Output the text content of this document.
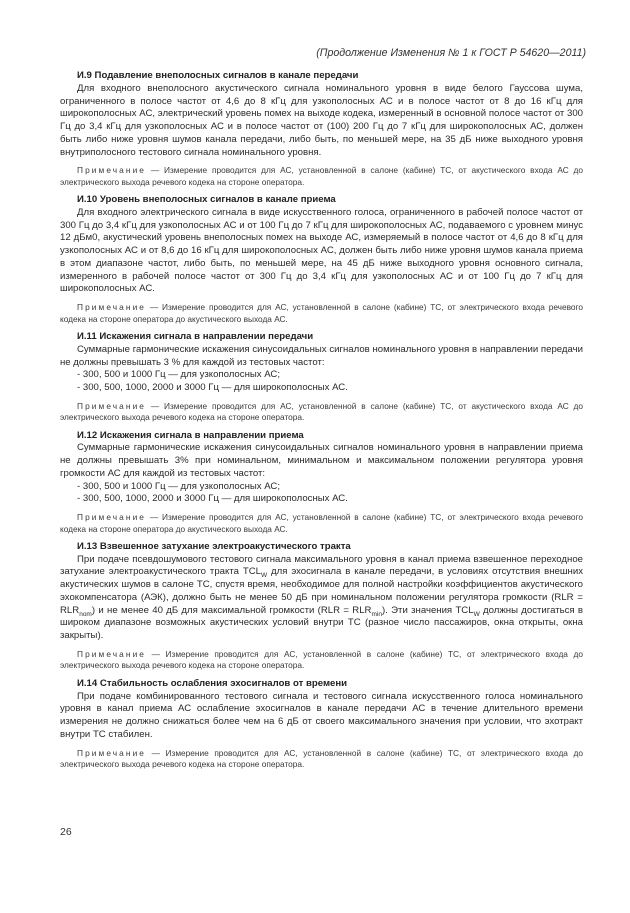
(Продолжение Изменения № 1 к ГОСТ Р 54620—2011)

И.9 Подавление внеполосных сигналов в канале передачи

Для входного внеполосного акустического сигнала номинального уровня в виде белого Гауссова шума, ограниченного в полосе частот от 4,6 до 8 кГц для узкополосных АС и в полосе частот от 8 до 16 кГц для широкополосных АС, электрический уровень помех на выходе кодека, измеренный в основной полосе частот от 300 Гц до 3,4 кГц для узкополосных АС и в полосе частот от (100) 200 Гц до 7 кГц для широкополосных АС, должен быть либо ниже уровня шумов канала передачи, либо быть, по меньшей мере, на 35 дБ ниже выходного уровня внутриполосного тестового сигнала номинального уровня.

Примечание — Измерение проводится для АС, установленной в салоне (кабине) ТС, от акустического входа АС до электрического выхода речевого кодека на стороне оператора.

И.10 Уровень внеполосных сигналов в канале приема

Для входного электрического сигнала в виде искусственного голоса, ограниченного в рабочей полосе частот от 300 Гц до 3,4 кГц для узкополосных АС и от 100 Гц до 7 кГц для широкополосных АС, подаваемого с уровнем минус 12 дБм0, акустический уровень внеполосных помех на выходе АС, измеряемый в полосе частот от 4,6 до 8 кГц для узкополосных АС и от 8,6 до 16 кГц для широкополосных АС, должен быть либо ниже уровня шумов канала приема в этом диапазоне частот, либо быть, по меньшей мере, на 45 дБ ниже выходного уровня основного сигнала, измеренного в рабочей полосе частот от 300 Гц до 3,4 кГц для узкополосных АС и от 100 Гц до 7 кГц для широкополосных АС.

Примечание — Измерение проводится для АС, установленной в салоне (кабине) ТС, от электрического входа речевого кодека на стороне оператора до акустического выхода АС.

И.11 Искажения сигнала в направлении передачи

Суммарные гармонические искажения синусоидальных сигналов номинального уровня в направлении передачи не должны превышать 3 % для каждой из тестовых частот:

- 300, 500 и 1000 Гц — для узкополосных АС;

- 300, 500, 1000, 2000 и 3000 Гц — для широкополосных АС.

Примечание — Измерение проводится для АС, установленной в салоне (кабине) ТС, от акустического входа АС до электрического выхода речевого кодека на стороне оператора.

И.12 Искажения сигнала в направлении приема

Суммарные гармонические искажения синусоидальных сигналов номинального уровня в направлении приема не должны превышать 3% при номинальном, минимальном и максимальном положении регулятора уровня громкости АС для каждой из тестовых частот:

- 300, 500 и 1000 Гц — для узкополосных АС;

- 300, 500, 1000, 2000 и 3000 Гц — для широкополосных АС.

Примечание — Измерение проводится для АС, установленной в салоне (кабине) ТС, от электрического входа речевого кодека на стороне оператора до акустического выхода АС.

И.13 Взвешенное затухание электроакустического тракта

При подаче псевдошумового тестового сигнала максимального уровня в канал приема взвешенное переходное затухание электроакустического тракта $TCL_W$ для эхосигнала в канале передачи, в условиях отсутствия внешних акустических шумов в салоне ТС, спустя время, необходимое для полной настройки коэффициентов акустического эхокомпенсатора (АЭК), должно быть не менее 50 дБ при номинальном положении регулятора громкости $(RLR = RLR_{nom})$ и не менее 40 дБ для максимальной громкости $(RLR = RLR_{min})$. Эти значения $TCL_W$ должны достигаться в широком диапазоне возможных акустических условий внутри ТС (разное число пассажиров, окна открыты, окна закрыты).

Примечание — Измерение проводится для АС, установленной в салоне (кабине) ТС, от электрического входа до электрического выхода речевого кодека на стороне оператора.

И.14 Стабильность ослабления эхосигналов от времени

При подаче комбинированного тестового сигнала и тестового сигнала искусственного голоса номинального уровня в канал приема АС ослабление эхосигналов в канале передачи АС в течение длительного времени измерения не должно снижаться более чем на 6 дБ от своего максимального значения при условии, что эхотракт внутри ТС стабилен.

Примечание — Измерение проводится для АС, установленной в салоне (кабине) ТС, от электрического входа до электрического выхода речевого кодека на стороне оператора.

26
